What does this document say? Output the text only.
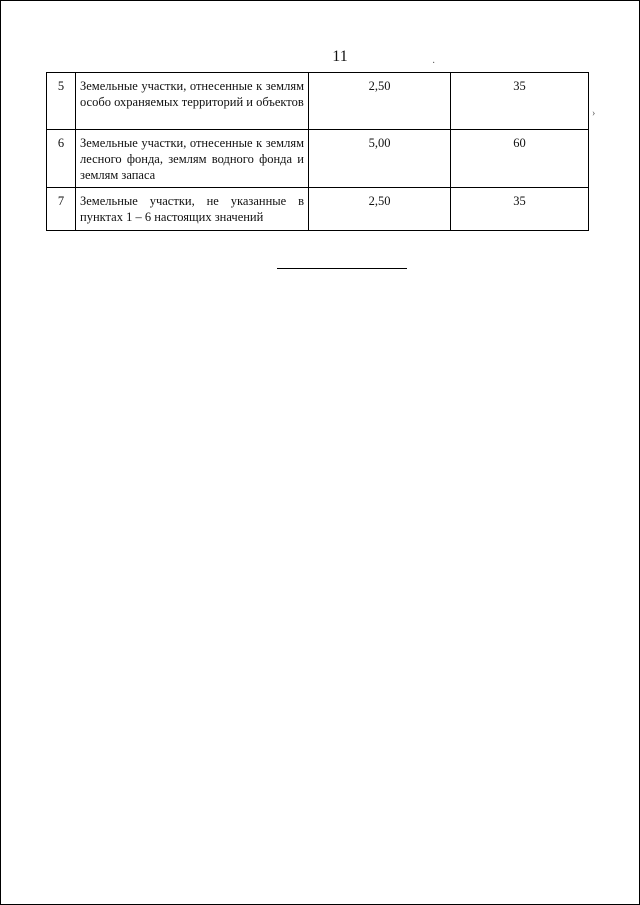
11
5	Земельные участки, отнесенные к землям особо охраняемых территорий и объектов	2,50	35
6	Земельные участки, отнесенные к землям лесного фонда, землям водного фонда и землям запаса	5,00	60
7	Земельные участки, не указанные в пунктах 1 – 6 настоящих значений	2,50	35
·
›
